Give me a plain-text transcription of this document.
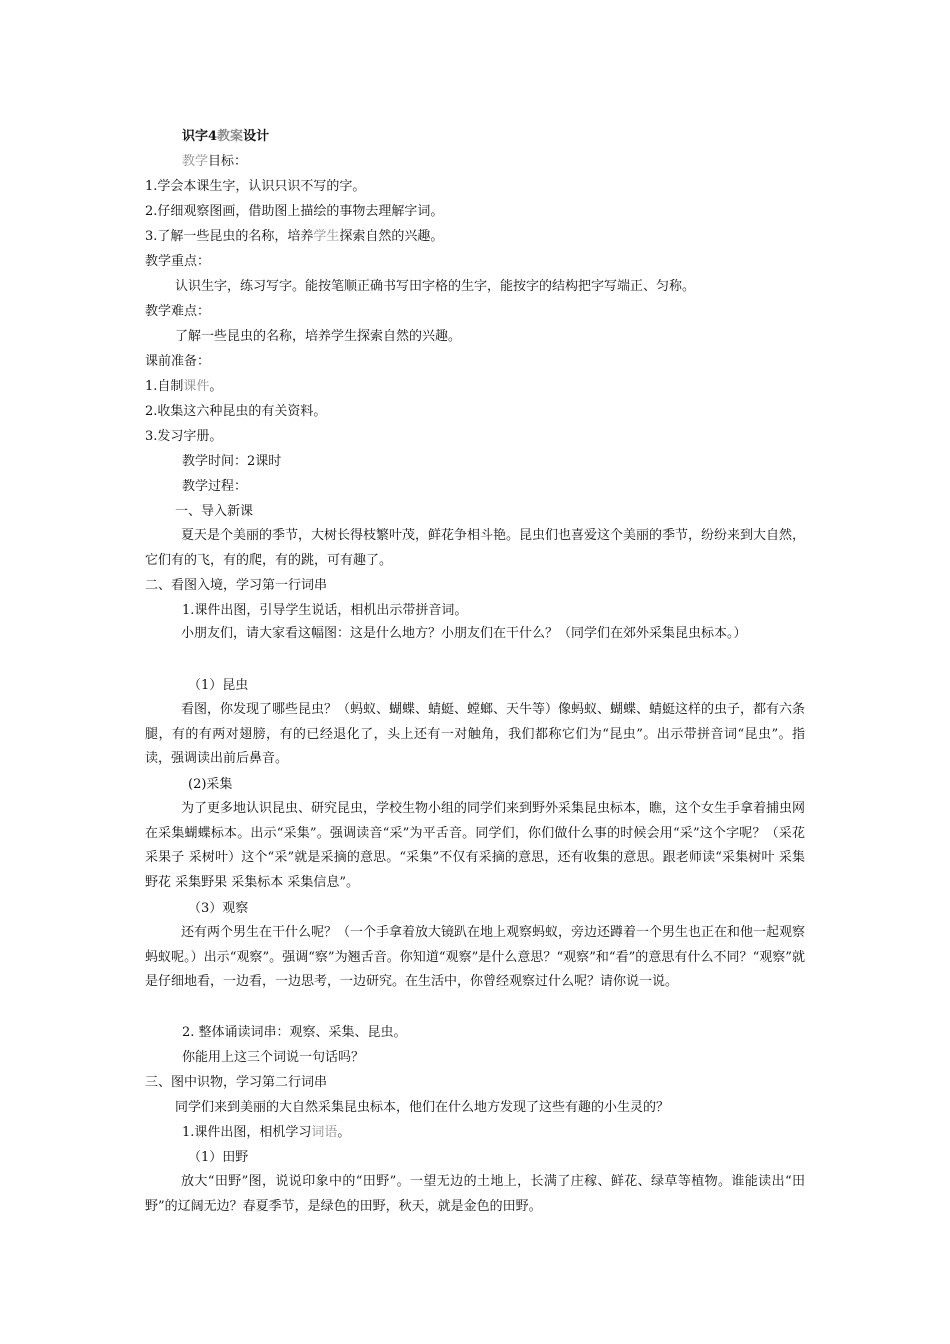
识字4教案设计
教学目标：
1.学会本课生字，认识只识不写的字。
2.仔细观察图画，借助图上描绘的事物去理解字词。
3.了解一些昆虫的名称，培养学生探索自然的兴趣。
教学重点：
认识生字，练习写字。能按笔顺正确书写田字格的生字，能按字的结构把字写端正、匀称。
教学难点：
了解一些昆虫的名称，培养学生探索自然的兴趣。
课前准备：
1.自制课件。
2.收集这六种昆虫的有关资料。
3.发习字册。
教学时间：2课时
教学过程：
一、导入新课
夏天是个美丽的季节，大树长得枝繁叶茂，鲜花争相斗艳。昆虫们也喜爱这个美丽的季节，纷纷来到大自然，它们有的飞，有的爬，有的跳，可有趣了。
二、看图入境，学习第一行词串
1.课件出图，引导学生说话，相机出示带拼音词。
小朋友们，请大家看这幅图：这是什么地方？小朋友们在干什么？（同学们在郊外采集昆虫标本。）
（1）昆虫
看图，你发现了哪些昆虫？（蚂蚁、蝴蝶、蜻蜓、螳螂、天牛等）像蚂蚁、蝴蝶、蜻蜓这样的虫子，都有六条腿，有的有两对翅膀，有的已经退化了，头上还有一对触角，我们都称它们为“昆虫”。出示带拼音词“昆虫”。指读，强调读出前后鼻音。
(2)采集
为了更多地认识昆虫、研究昆虫，学校生物小组的同学们来到野外采集昆虫标本，瞧，这个女生手拿着捕虫网在采集蝴蝶标本。出示“采集”。强调读音“采”为平舌音。同学们，你们做什么事的时候会用“采”这个字呢？（采花采果子 采树叶）这个“采”就是采摘的意思。“采集”不仅有采摘的意思，还有收集的意思。跟老师读“采集树叶 采集野花 采集野果 采集标本 采集信息”。
（3）观察
还有两个男生在干什么呢？（一个手拿着放大镜趴在地上观察蚂蚁，旁边还蹲着一个男生也正在和他一起观察蚂蚁呢。）出示“观察”。强调“察”为翘舌音。你知道“观察”是什么意思？“观察”和“看”的意思有什么不同？“观察”就是仔细地看，一边看，一边思考，一边研究。在生活中，你曾经观察过什么呢？请你说一说。
2. 整体诵读词串：观察、采集、昆虫。
你能用上这三个词说一句话吗？
三、图中识物，学习第二行词串
同学们来到美丽的大自然采集昆虫标本，他们在什么地方发现了这些有趣的小生灵的？
1.课件出图，相机学习词语。
（1）田野
放大“田野”图，说说印象中的“田野”。一望无边的土地上，长满了庄稼、鲜花、绿草等植物。谁能读出“田野”的辽阔无边？春夏季节，是绿色的田野，秋天，就是金色的田野。
